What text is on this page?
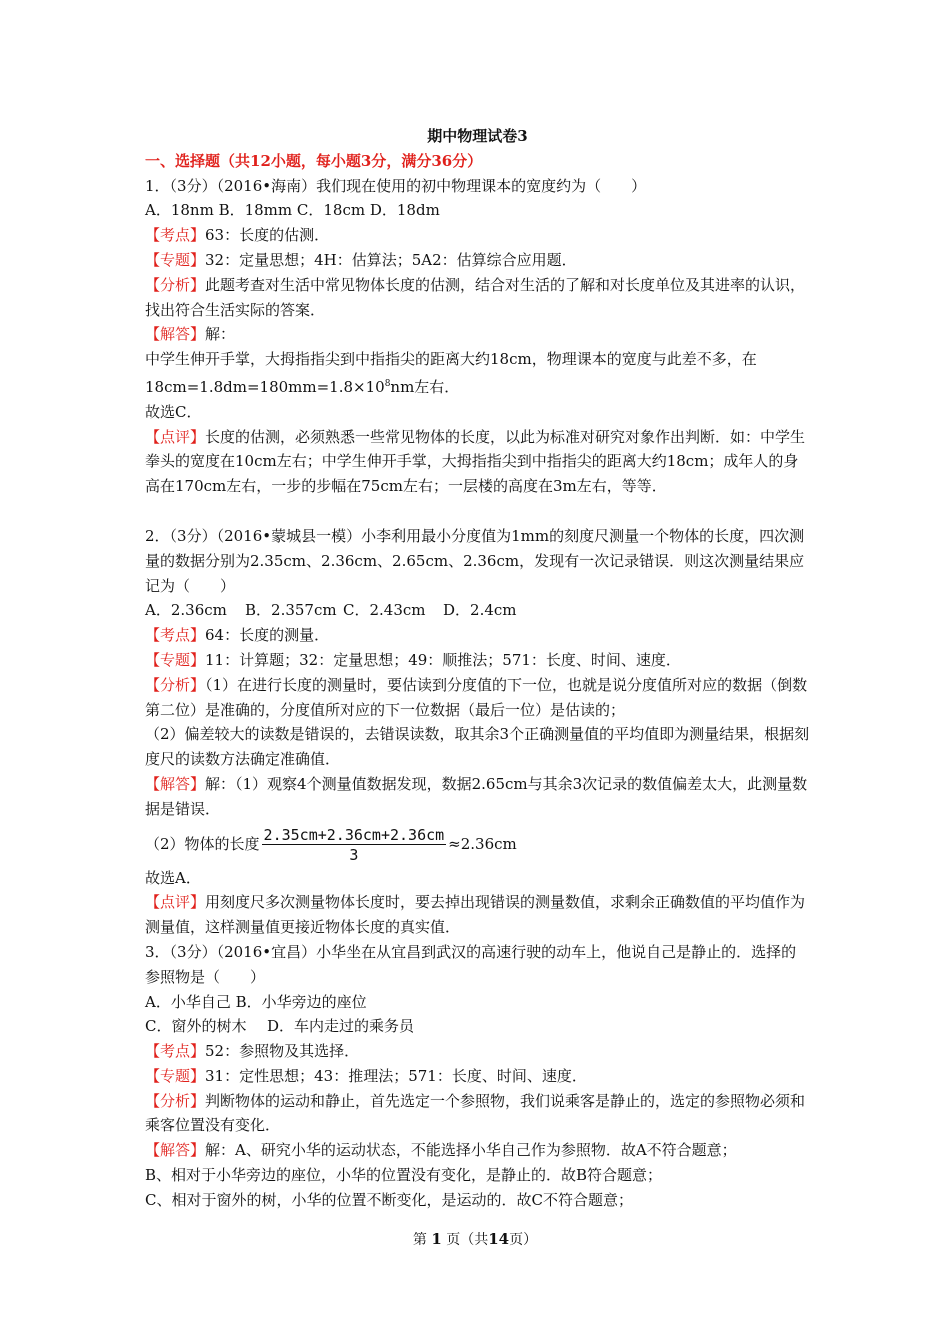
期中物理试卷3

一、选择题（共12小题，每小题3分，满分36分）

1．（3分）（2016•海南）我们现在使用的初中物理课本的宽度约为（　　）

A．18nm B．18mm C．18cm D．18dm

【考点】63：长度的估测．

【专题】32：定量思想；4H：估算法；5A2：估算综合应用题．

【分析】此题考查对生活中常见物体长度的估测，结合对生活的了解和对长度单位及其进率的认识，找出符合生活实际的答案．

【解答】解：

中学生伸开手掌，大拇指指尖到中指指尖的距离大约18cm，物理课本的宽度与此差不多，在$18cm=1.8dm=180mm=1.8\times 10^8nm$左右．

故选C．

【点评】长度的估测，必须熟悉一些常见物体的长度，以此为标准对研究对象作出判断．如：中学生拳头的宽度在10cm左右；中学生伸开手掌，大拇指指尖到中指指尖的距离大约18cm；成年人的身高在170cm左右，一步的步幅在75cm左右；一层楼的高度在3m左右，等等．

2．（3分）（2016•蒙城县一模）小李利用最小分度值为1mm的刻度尺测量一个物体的长度，四次测量的数据分别为2.35cm、2.36cm、2.65cm、2.36cm，发现有一次记录错误．则这次测量结果应记为（　　）

A．2.36cm B．2.357cm C．2.43cm D．2.4cm

【考点】64：长度的测量．

【专题】11：计算题；32：定量思想；49：顺推法；571：长度、时间、速度．

【分析】（1）在进行长度的测量时，要估读到分度值的下一位，也就是说分度值所对应的数据（倒数第二位）是准确的，分度值所对应的下一位数据（最后一位）是估读的；

（2）偏差较大的读数是错误的，去错误读数，取其余3个正确测量值的平均值即为测量结果，根据刻度尺的读数方法确定准确值．

【解答】解：（1）观察4个测量值数据发现，数据2.65cm与其余3次记录的数值偏差太大，此测量数据是错误．

（2）物体的长度 $\frac{2.35cm+2.36cm+2.36cm}{3} \approx 2.36cm$

故选A．

【点评】用刻度尺多次测量物体长度时，要去掉出现错误的测量数值，求剩余正确数值的平均值作为测量值，这样测量值更接近物体长度的真实值．

3．（3分）（2016•宜昌）小华坐在从宜昌到武汉的高速行驶的动车上，他说自己是静止的．选择的参照物是（　　）

A．小华自己 B．小华旁边的座位

C．窗外的树木 D．车内走过的乘务员

【考点】52：参照物及其选择．

【专题】31：定性思想；43：推理法；571：长度、时间、速度．

【分析】判断物体的运动和静止，首先选定一个参照物，我们说乘客是静止的，选定的参照物必须和乘客位置没有变化．

【解答】解：A、研究小华的运动状态，不能选择小华自己作为参照物．故A不符合题意；

B、相对于小华旁边的座位，小华的位置没有变化，是静止的．故B符合题意；

C、相对于窗外的树，小华的位置不断变化，是运动的．故C不符合题意；

第 1 页（共14页）
